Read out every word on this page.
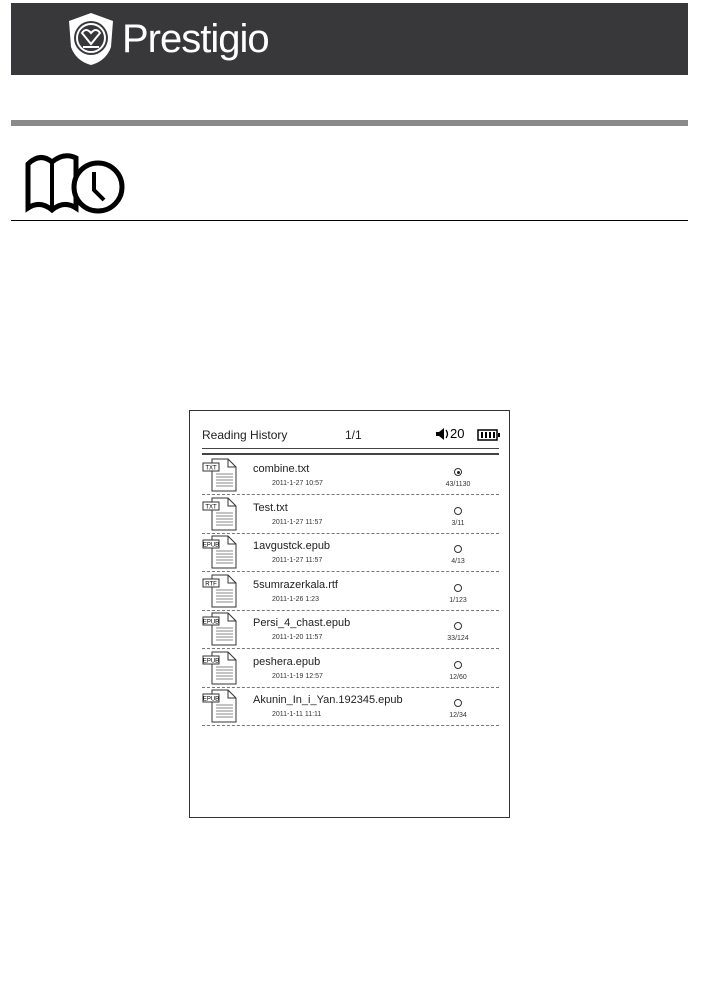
Prestigio
Reading History	1/1	20
TXT	combine.txt
2011-1-27 10:57	43/1130
TXT	Test.txt
2011-1-27 11:57	3/11
EPUB	1avgustck.epub
2011-1-27 11:57	4/13
RTF	5sumrazerkala.rtf
2011-1-26 1:23	1/123
EPUB	Persi_4_chast.epub
2011-1-20 11:57	33/124
EPUB	peshera.epub
2011-1-19 12:57	12/60
EPUB	Akunin_In_i_Yan.192345.epub
2011-1-11 11:11	12/34
